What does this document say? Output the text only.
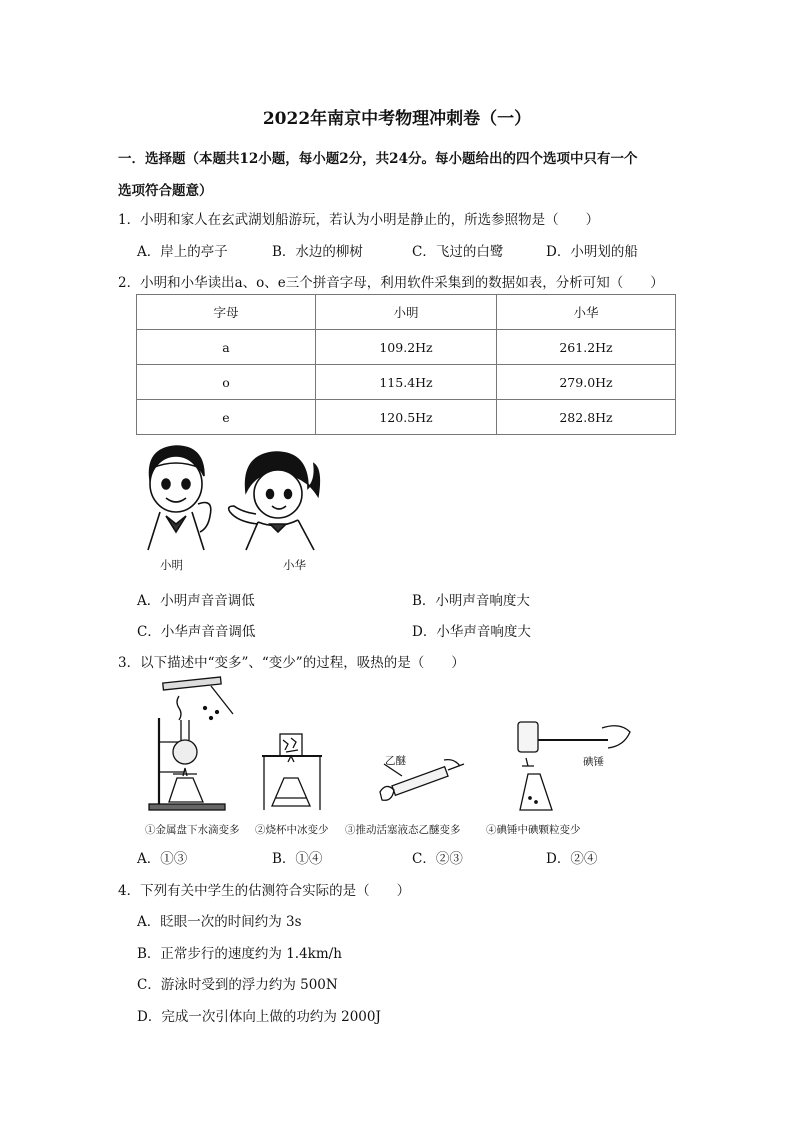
2022年南京中考物理冲刺卷（一）
一．选择题（本题共12小题，每小题2分，共24分。每小题给出的四个选项中只有一个
选项符合题意）
1．小明和家人在玄武湖划船游玩，若认为小明是静止的，所选参照物是（　　）
A．岸上的亭子	B．水边的柳树	C．飞过的白鹭	D．小明划的船
2．小明和小华读出a、o、e三个拼音字母，利用软件采集到的数据如表，分析可知（　　）
字母	小明	小华
a	109.2Hz	261.2Hz
o	115.4Hz	279.0Hz
e	120.5Hz	282.8Hz
小明	小华
A．小明声音音调低	B．小明声音响度大
C．小华声音音调低	D．小华声音响度大
3．以下描述中“变多”、“变少”的过程，吸热的是（　　）
乙醚	碘锤
①金属盘下水滴变多 ②烧杯中冰变少 ③推动活塞液态乙醚变多 ④碘锤中碘颗粒变少
A．①③	B．①④	C．②③	D．②④
4．下列有关中学生的估测符合实际的是（　　）
A．眨眼一次的时间约为 3s
B．正常步行的速度约为 1.4km/h
C．游泳时受到的浮力约为 500N
D．完成一次引体向上做的功约为 2000J
